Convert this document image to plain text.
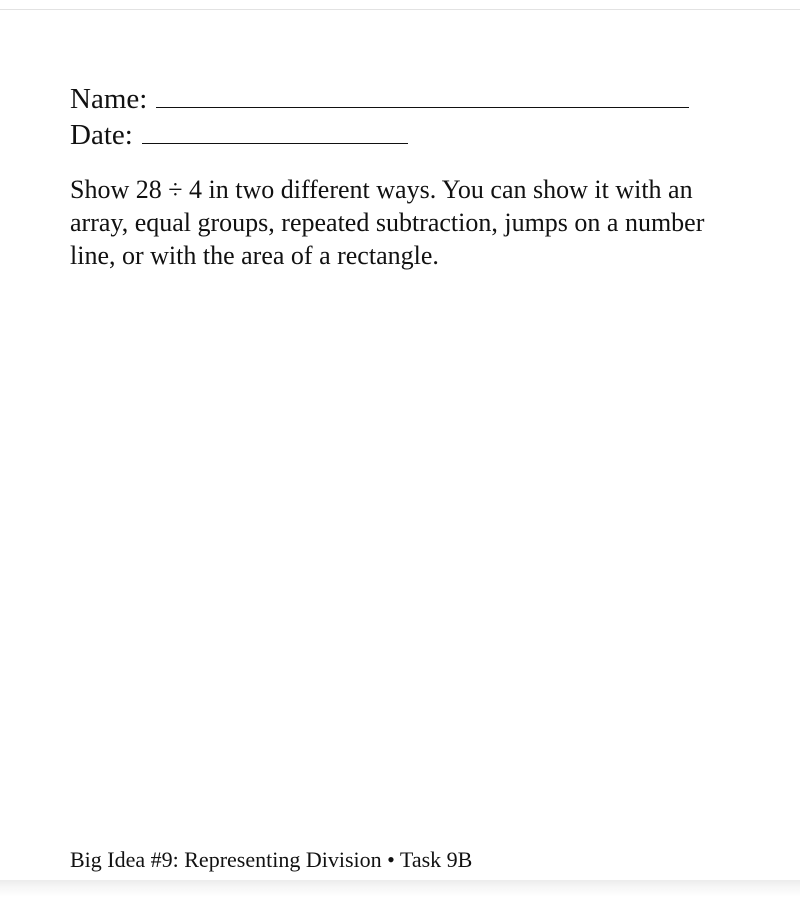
Name:
Date:

Show 28 ÷ 4 in two different ways. You can show it with an array, equal groups, repeated subtraction, jumps on a number line, or with the area of a rectangle.

Big Idea #9: Representing Division • Task 9B
